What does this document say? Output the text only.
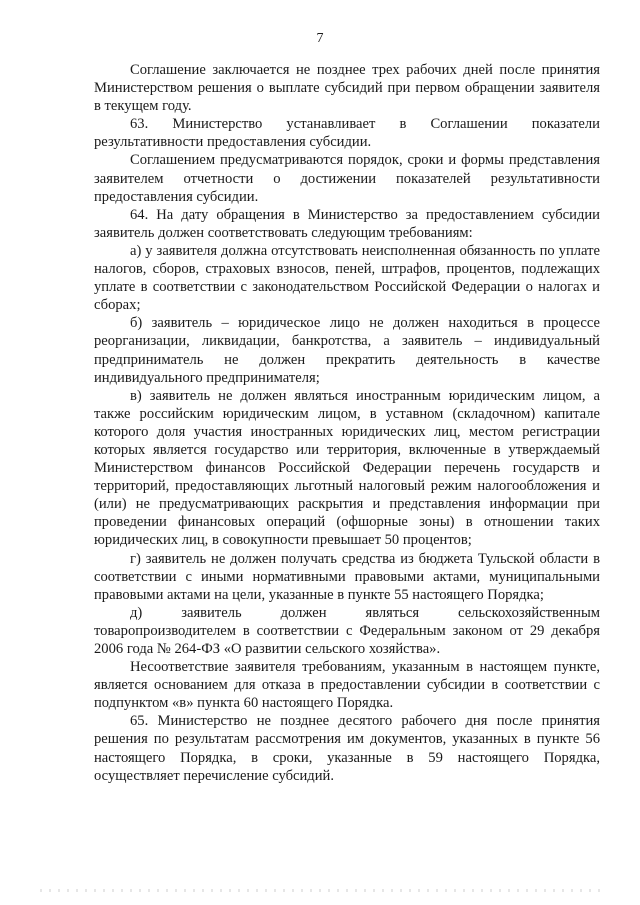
7

Соглашение заключается не позднее трех рабочих дней после принятия Министерством решения о выплате субсидий при первом обращении заявителя в текущем году.

63. Министерство устанавливает в Соглашении показатели результативности предоставления субсидии.

Соглашением предусматриваются порядок, сроки и формы представления заявителем отчетности о достижении показателей результативности предоставления субсидии.

64. На дату обращения в Министерство за предоставлением субсидии заявитель должен соответствовать следующим требованиям:

а) у заявителя должна отсутствовать неисполненная обязанность по уплате налогов, сборов, страховых взносов, пеней, штрафов, процентов, подлежащих уплате в соответствии с законодательством Российской Федерации о налогах и сборах;

б) заявитель – юридическое лицо не должен находиться в процессе реорганизации, ликвидации, банкротства, а заявитель – индивидуальный предприниматель не должен прекратить деятельность в качестве индивидуального предпринимателя;

в) заявитель не должен являться иностранным юридическим лицом, а также российским юридическим лицом, в уставном (складочном) капитале которого доля участия иностранных юридических лиц, местом регистрации которых является государство или территория, включенные в утверждаемый Министерством финансов Российской Федерации перечень государств и территорий, предоставляющих льготный налоговый режим налогообложения и (или) не предусматривающих раскрытия и представления информации при проведении финансовых операций (офшорные зоны) в отношении таких юридических лиц, в совокупности превышает 50 процентов;

г) заявитель не должен получать средства из бюджета Тульской области в соответствии с иными нормативными правовыми актами, муниципальными правовыми актами на цели, указанные в пункте 55 настоящего Порядка;

д) заявитель должен являться сельскохозяйственным товаропроизводителем в соответствии с Федеральным законом от 29 декабря 2006 года № 264-ФЗ «О развитии сельского хозяйства».

Несоответствие заявителя требованиям, указанным в настоящем пункте, является основанием для отказа в предоставлении субсидии в соответствии с подпунктом «в» пункта 60 настоящего Порядка.

65. Министерство не позднее десятого рабочего дня после принятия решения по результатам рассмотрения им документов, указанных в пункте 56 настоящего Порядка, в сроки, указанные в 59 настоящего Порядка, осуществляет перечисление субсидий.
